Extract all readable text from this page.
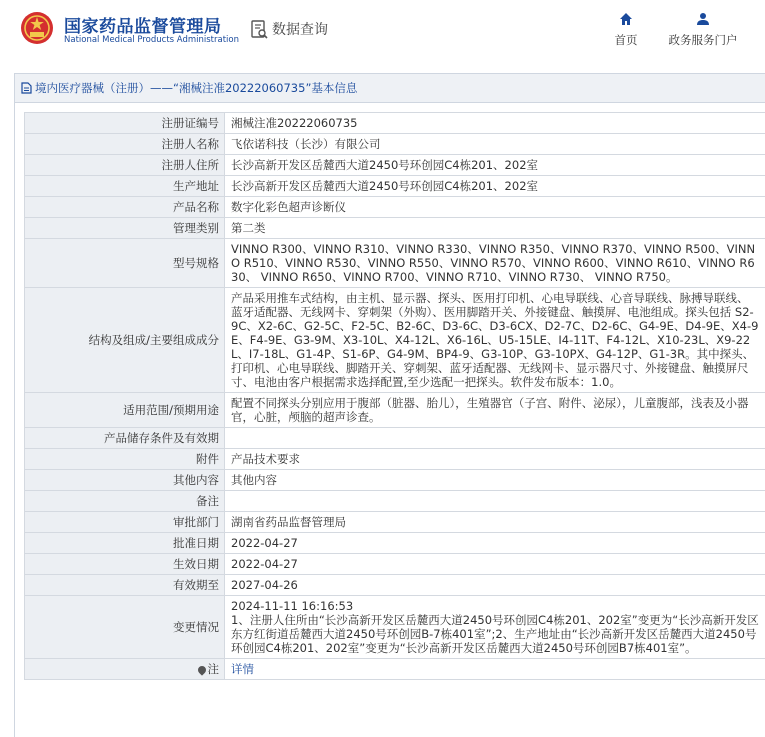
国家药品监督管理局
National Medical Products Administration
数据查询
首页	政务服务门户
境内医疗器械（注册）——“湘械注准20222060735”基本信息
注册证编号	湘械注准20222060735
注册人名称	飞依诺科技（长沙）有限公司
注册人住所	长沙高新开发区岳麓西大道2450号环创园C4栋201、202室
生产地址	长沙高新开发区岳麓西大道2450号环创园C4栋201、202室
产品名称	数字化彩色超声诊断仪
管理类别	第二类
型号规格	VINNO R300、VINNO R310、VINNO R330、VINNO R350、VINNO R370、VINNO R500、VINNO R510、VINNO R530、VINNO R550、VINNO R570、VINNO R600、VINNO R610、VINNO R630、 VINNO R650、VINNO R700、VINNO R710、VINNO R730、 VINNO R750。
结构及组成/主要组成成分	产品采用推车式结构，由主机、显示器、探头、医用打印机、心电导联线、心音导联线、脉搏导联线、蓝牙适配器、无线网卡、穿刺架（外购）、医用脚踏开关、外接键盘、触摸屏、电池组成。探头包括 S2-9C、X2-6C、G2-5C、F2-5C、B2-6C、D3-6C、D3-6CX、D2-7C、D2-6C、G4-9E、D4-9E、X4-9E、F4-9E、G3-9M、X3-10L、X4-12L、X6-16L、U5-15LE、I4-11T、F4-12L、X10-23L、X9-22L、I7-18L、G1-4P、S1-6P、G4-9M、BP4-9、G3-10P、G3-10PX、G4-12P、G1-3R。其中探头、打印机、心电导联线、脚踏开关、穿刺架、蓝牙适配器、无线网卡、显示器尺寸、外接键盘、触摸屏尺寸、电池由客户根据需求选择配置,至少选配一把探头。软件发布版本：1.0。
适用范围/预期用途	配置不同探头分别应用于腹部（脏器、胎儿），生殖器官（子宫、附件、泌尿），儿童腹部，浅表及小器官，心脏，颅脑的超声诊查。
产品储存条件及有效期	
附件	产品技术要求
其他内容	其他内容
备注	
审批部门	湖南省药品监督管理局
批准日期	2022-04-27
生效日期	2022-04-27
有效期至	2027-04-26
变更情况	2024-11-11 16:16:53
1、注册人住所由“长沙高新开发区岳麓西大道2450号环创园C4栋201、202室”变更为“长沙高新开发区东方红街道岳麓西大道2450号环创园B-7栋401室”;2、生产地址由“长沙高新开发区岳麓西大道2450号环创园C4栋201、202室”变更为“长沙高新开发区岳麓西大道2450号环创园B7栋401室”。
注	详情
